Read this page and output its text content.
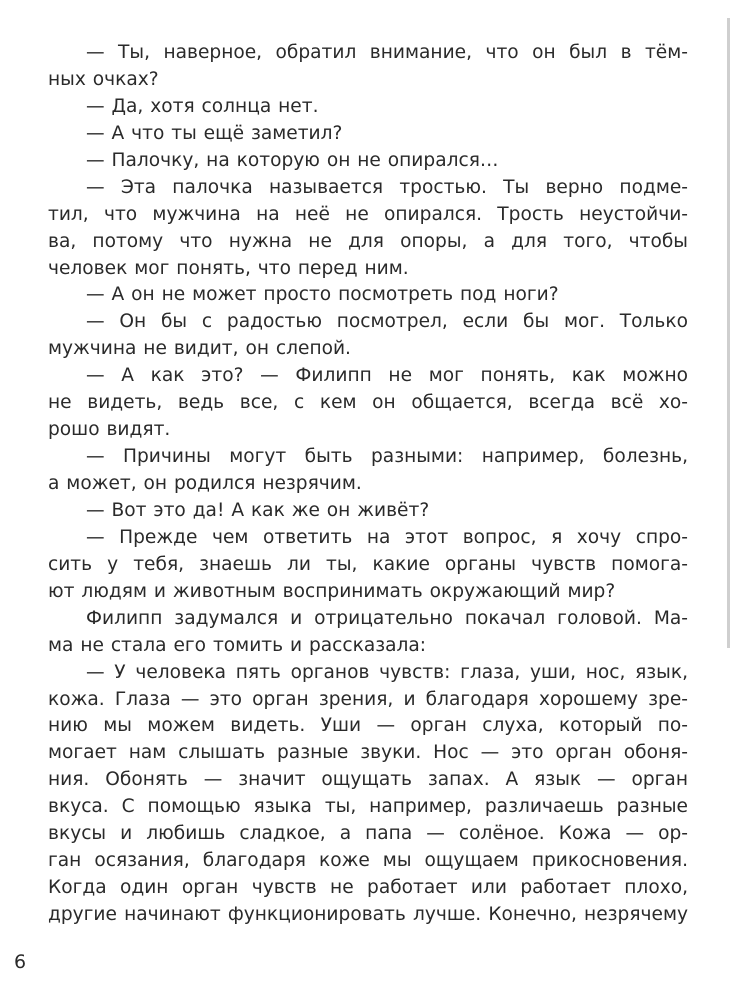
— Ты, наверное, обратил внимание, что он был в тём-
ных очках?
— Да, хотя солнца нет.
— А что ты ещё заметил?
— Палочку, на которую он не опирался…
— Эта палочка называется тростью. Ты верно подме-
тил, что мужчина на неё не опирался. Трость неустойчи-
ва, потому что нужна не для опоры, а для того, чтобы
человек мог понять, что перед ним.
— А он не может просто посмотреть под ноги?
— Он бы с радостью посмотрел, если бы мог. Только
мужчина не видит, он слепой.
— А как это? — Филипп не мог понять, как можно
не видеть, ведь все, с кем он общается, всегда всё хо-
рошо видят.
— Причины могут быть разными: например, болезнь,
а может, он родился незрячим.
— Вот это да! А как же он живёт?
— Прежде чем ответить на этот вопрос, я хочу спро-
сить у тебя, знаешь ли ты, какие органы чувств помога-
ют людям и животным воспринимать окружающий мир?
Филипп задумался и отрицательно покачал головой. Ма-
ма не стала его томить и рассказала:
— У человека пять органов чувств: глаза, уши, нос, язык,
кожа. Глаза — это орган зрения, и благодаря хорошему зре-
нию мы можем видеть. Уши — орган слуха, который по-
могает нам слышать разные звуки. Нос — это орган обоня-
ния. Обонять — значит ощущать запах. А язык — орган
вкуса. С помощью языка ты, например, различаешь разные
вкусы и любишь сладкое, а папа — солёное. Кожа — ор-
ган осязания, благодаря коже мы ощущаем прикосновения.
Когда один орган чувств не работает или работает плохо,
другие начинают функционировать лучше. Конечно, незрячему
6
